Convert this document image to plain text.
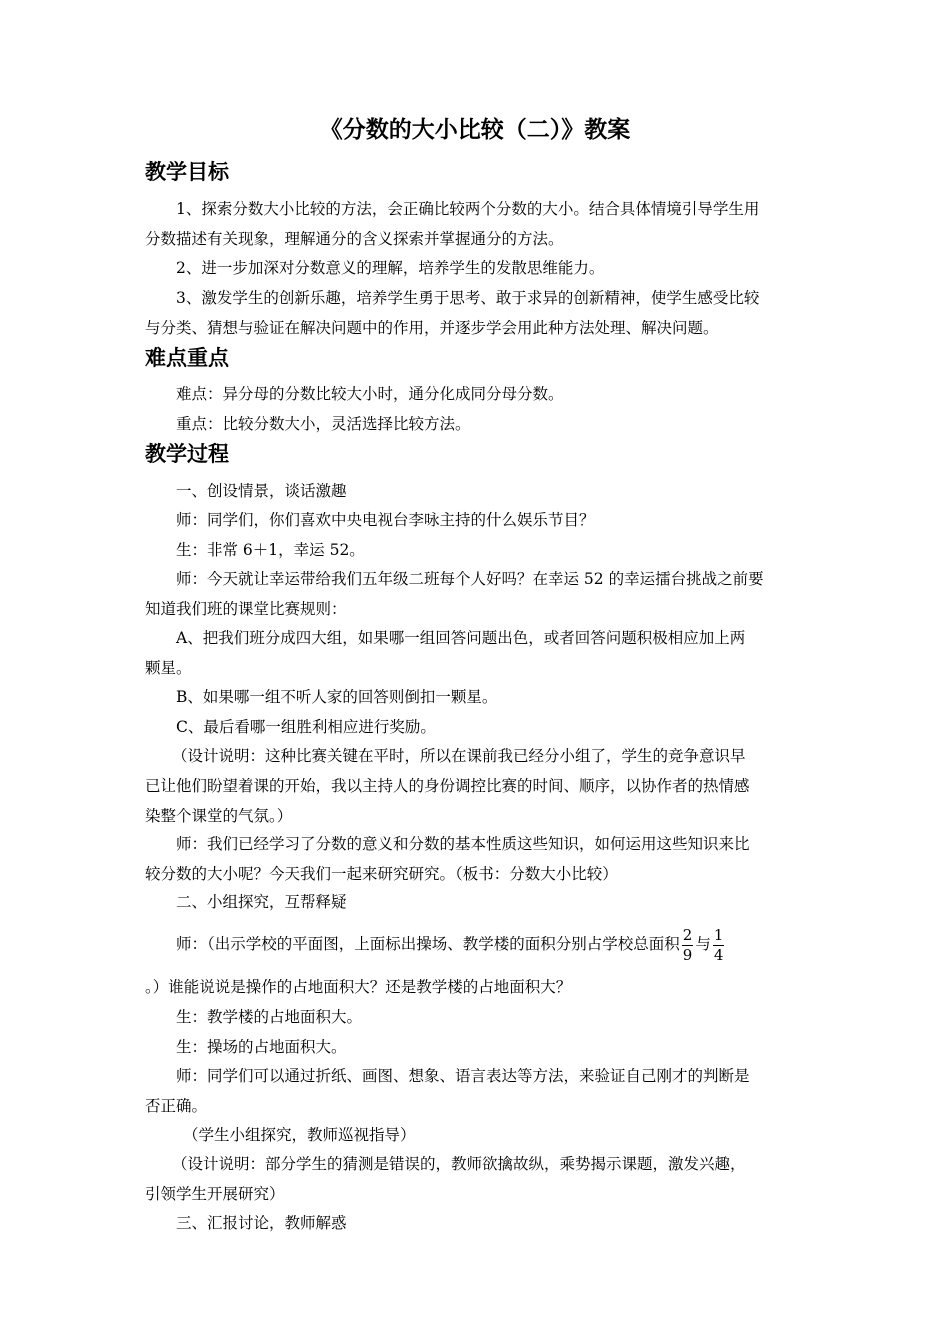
《分数的大小比较（二）》教案
教学目标
1、探索分数大小比较的方法，会正确比较两个分数的大小。结合具体情境引导学生用
分数描述有关现象，理解通分的含义探索并掌握通分的方法。
2、进一步加深对分数意义的理解，培养学生的发散思维能力。
3、激发学生的创新乐趣，培养学生勇于思考、敢于求异的创新精神，使学生感受比较
与分类、猜想与验证在解决问题中的作用，并逐步学会用此种方法处理、解决问题。
难点重点
难点：异分母的分数比较大小时，通分化成同分母分数。
重点：比较分数大小，灵活选择比较方法。
教学过程
一、创设情景，谈话激趣
师：同学们，你们喜欢中央电视台李咏主持的什么娱乐节目？
生：非常 6＋1，幸运 52。
师：今天就让幸运带给我们五年级二班每个人好吗？在幸运 52 的幸运擂台挑战之前要
知道我们班的课堂比赛规则：
A、把我们班分成四大组，如果哪一组回答问题出色，或者回答问题积极相应加上两
颗星。
B、如果哪一组不听人家的回答则倒扣一颗星。
C、最后看哪一组胜利相应进行奖励。
（设计说明：这种比赛关键在平时，所以在课前我已经分小组了，学生的竞争意识早
已让他们盼望着课的开始，我以主持人的身份调控比赛的时间、顺序，以协作者的热情感
染整个课堂的气氛。）
师：我们已经学习了分数的意义和分数的基本性质这些知识，如何运用这些知识来比
较分数的大小呢？今天我们一起来研究研究。（板书：分数大小比较）
二、小组探究，互帮释疑
师：（出示学校的平面图，上面标出操场、教学楼的面积分别占学校总面积 $\frac{2}{9}$ 与 $\frac{1}{4}$
。）谁能说说是操作的占地面积大？还是教学楼的占地面积大？
生：教学楼的占地面积大。
生：操场的占地面积大。
师：同学们可以通过折纸、画图、想象、语言表达等方法，来验证自己刚才的判断是
否正确。
（学生小组探究，教师巡视指导）
（设计说明：部分学生的猜测是错误的，教师欲擒故纵，乘势揭示课题，激发兴趣，
引领学生开展研究）
三、汇报讨论，教师解惑
